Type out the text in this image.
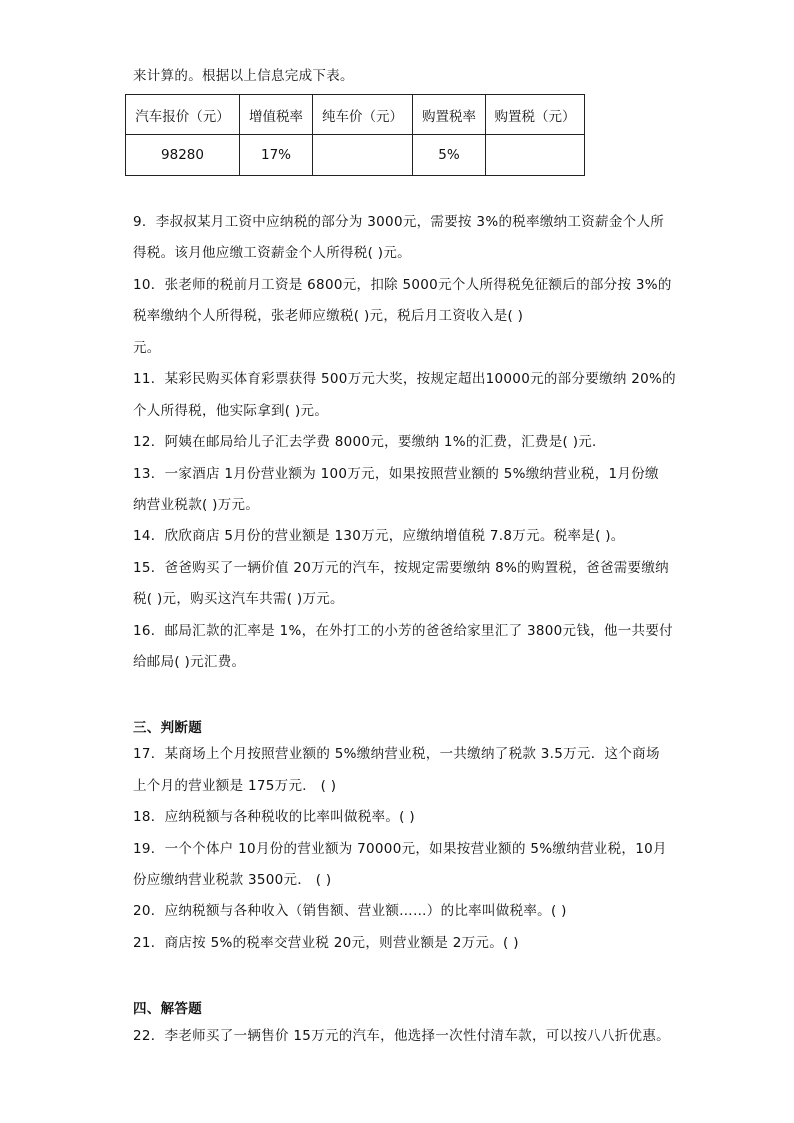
来计算的。根据以上信息完成下表。
汽车报价（元）	增值税率	纯车价（元）	购置税率	购置税（元）
98280	17%		5%	
9．李叔叔某月工资中应纳税的部分为 3000元，需要按 3%的税率缴纳工资薪金个人所
得税。该月他应缴工资薪金个人所得税( )元。
10．张老师的税前月工资是 6800元，扣除 5000元个人所得税免征额后的部分按 3%的
税率缴纳个人所得税，张老师应缴税( )元，税后月工资收入是( )
元。
11．某彩民购买体育彩票获得 500万元大奖，按规定超出10000元的部分要缴纳 20%的
个人所得税，他实际拿到( )元。
12．阿姨在邮局给儿子汇去学费 8000元，要缴纳 1%的汇费，汇费是( )元．
13．一家酒店 1月份营业额为 100万元，如果按照营业额的 5%缴纳营业税，1月份缴
纳营业税款( )万元。
14．欣欣商店 5月份的营业额是 130万元，应缴纳增值税 7.8万元。税率是( )。
15．爸爸购买了一辆价值 20万元的汽车，按规定需要缴纳 8%的购置税，爸爸需要缴纳
税( )元，购买这汽车共需( )万元。
16．邮局汇款的汇率是 1%，在外打工的小芳的爸爸给家里汇了 3800元钱，他一共要付
给邮局( )元汇费。
三、判断题
17．某商场上个月按照营业额的 5%缴纳营业税，一共缴纳了税款 3.5万元．这个商场
上个月的营业额是 175万元． ( )
18．应纳税额与各种税收的比率叫做税率。( )
19．一个个体户 10月份的营业额为 70000元，如果按营业额的 5%缴纳营业税，10月
份应缴纳营业税款 3500元． ( )
20．应纳税额与各种收入（销售额、营业额……）的比率叫做税率。( )
21．商店按 5%的税率交营业税 20元，则营业额是 2万元。( )
四、解答题
22．李老师买了一辆售价 15万元的汽车，他选择一次性付清车款，可以按八八折优惠。
